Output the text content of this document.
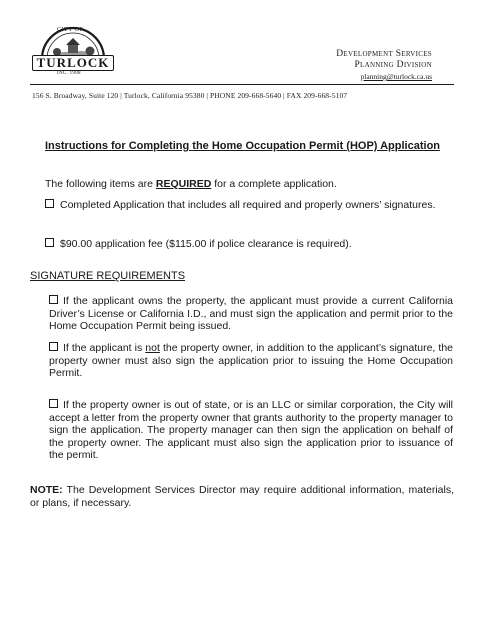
CITY OF
TURLOCK
INC. 1908
Development Services
Planning Division
planning@turlock.ca.us
156 S. Broadway, Suite 120 | Turlock, California 95380 | PHONE 209-668-5640 | FAX 209-668-5107
Instructions for Completing the Home Occupation Permit (HOP) Application
The following items are REQUIRED for a complete application.
Completed Application that includes all required and properly owners’ signatures.
$90.00 application fee ($115.00 if police clearance is required).
SIGNATURE REQUIREMENTS
If the applicant owns the property, the applicant must provide a current California Driver’s License or California I.D., and must sign the application and permit prior to the Home Occupation Permit being issued.
If the applicant is not the property owner, in addition to the applicant’s signature, the property owner must also sign the application prior to issuing the Home Occupation Permit.
If the property owner is out of state, or is an LLC or similar corporation, the City will accept a letter from the property owner that grants authority to the property manager to sign the application. The property manager can then sign the application on behalf of the property owner. The applicant must also sign the application prior to issuance of the permit.
NOTE: The Development Services Director may require additional information, materials, or plans, if necessary.
